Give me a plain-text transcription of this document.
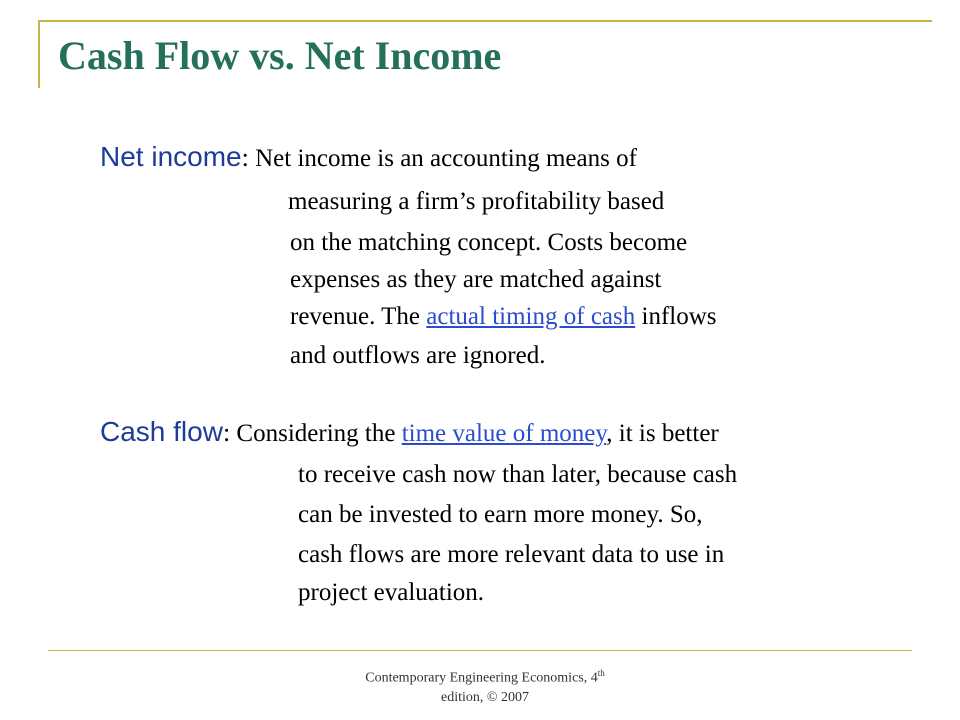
Cash Flow vs. Net Income
Net income: Net income is an accounting means of
measuring a firm’s profitability based
on the matching concept. Costs become
expenses as they are matched against
revenue. The actual timing of cash inflows
and outflows are ignored.
Cash flow: Considering the time value of money, it is better
to receive cash now than later, because cash
can be invested to earn more money. So,
cash flows are more relevant data to use in
project evaluation.
Contemporary Engineering Economics, 4th
edition, © 2007
